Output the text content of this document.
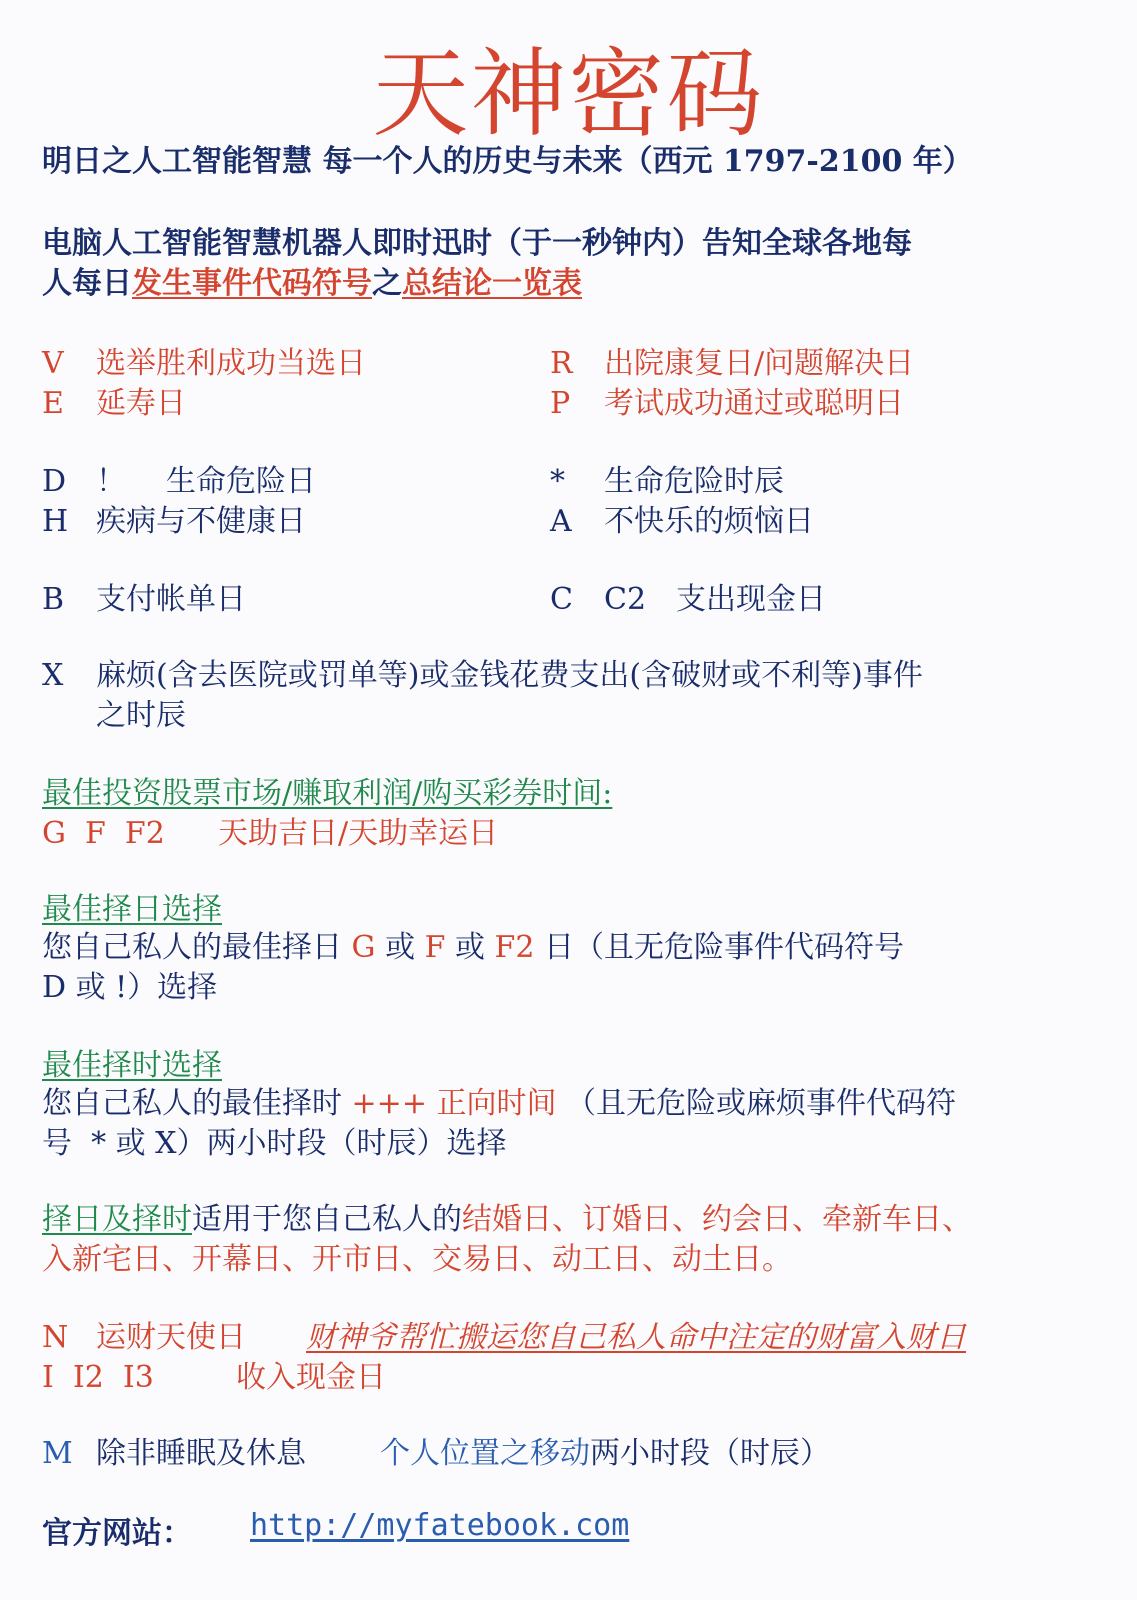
天神密码
明日之人工智能智慧 每一个人的历史与未来（西元 1797-2100 年）
电脑人工智能智慧机器人即时迅时（于一秒钟内）告知全球各地每
人每日发生事件代码符号之总结论一览表
V 选举胜利成功当选日	R 出院康复日/问题解决日
E 延寿日	P 考试成功通过或聪明日
D ！ 生命危险日	* 生命危险时辰
H 疾病与不健康日	A 不快乐的烦恼日
B 支付帐单日	C C2 支出现金日
X 麻烦(含去医院或罚单等)或金钱花费支出(含破财或不利等)事件
之时辰
最佳投资股票市场/赚取利润/购买彩券时间:
G  F  F2 天助吉日/天助幸运日
最佳择日选择
您自己私人的最佳择日 G 或 F 或 F2 日（且无危险事件代码符号
D 或 !）选择
最佳择时选择
您自己私人的最佳择时 +++ 正向时间 （且无危险或麻烦事件代码符
号  * 或 X）两小时段（时辰）选择
择日及择时适用于您自己私人的结婚日、订婚日、约会日、牵新车日、
入新宅日、开幕日、开市日、交易日、动工日、动土日。
N 运财天使日 财神爷帮忙搬运您自己私人命中注定的财富入财日
I  I2  I3	收入现金日
M 除非睡眠及休息 个人位置之移动两小时段（时辰）
官方网站： http://myfatebook.com
